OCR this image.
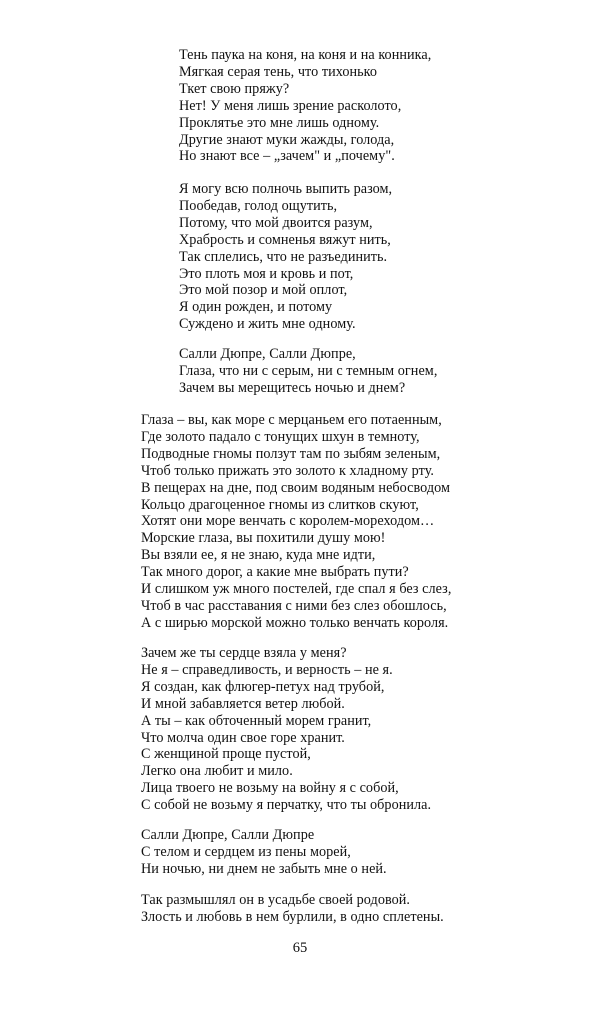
Тень паука на коня, на коня и на конника,
Мягкая серая тень, что тихонько
Ткет свою пряжу?
Нет! У меня лишь зрение расколото,
Проклятье это мне лишь одному.
Другие знают муки жажды, голода,
Но знают все – „зачем" и „почему".
Я могу всю полночь выпить разом,
Пообедав, голод ощутить,
Потому, что мой двоится разум,
Храбрость и сомненья вяжут нить,
Так сплелись, что не разъединить.
Это плоть моя и кровь и пот,
Это мой позор и мой оплот,
Я один рожден, и потому
Суждено и жить мне одному.
Салли Дюпре, Салли Дюпре,
Глаза, что ни с серым, ни с темным огнем,
Зачем вы мерещитесь ночью и днем?
Глаза – вы, как море с мерцаньем его потаенным,
Где золото падало с тонущих шхун в темноту,
Подводные гномы ползут там по зыбям зеленым,
Чтоб только прижать это золото к хладному рту.
В пещерах на дне, под своим водяным небосводом
Кольцо драгоценное гномы из слитков скуют,
Хотят они море венчать с королем-мореходом…
Морские глаза, вы похитили душу мою!
Вы взяли ее, я не знаю, куда мне идти,
Так много дорог, а какие мне выбрать пути?
И слишком уж много постелей, где спал я без слез,
Чтоб в час расставания с ними без слез обошлось,
А с ширью морской можно только венчать короля.
Зачем же ты сердце взяла у меня?
Не я – справедливость, и верность – не я.
Я создан, как флюгер-петух над трубой,
И мной забавляется ветер любой.
А ты – как обточенный морем гранит,
Что молча один свое горе хранит.
С женщиной проще пустой,
Легко она любит и мило.
Лица твоего не возьму на войну я с собой,
С собой не возьму я перчатку, что ты обронила.
Салли Дюпре, Салли Дюпре
С телом и сердцем из пены морей,
Ни ночью, ни днем не забыть мне о ней.
Так размышлял он в усадьбе своей родовой.
Злость и любовь в нем бурлили, в одно сплетены.
65
